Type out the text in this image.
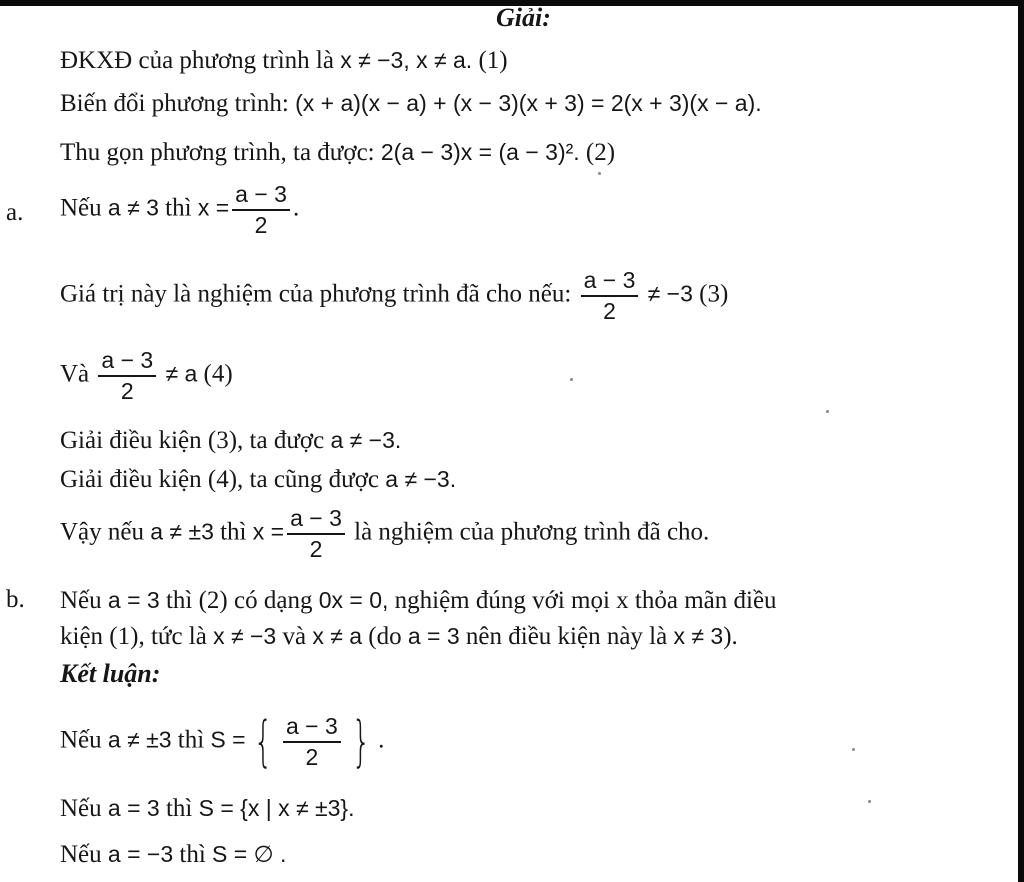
Giải:
ĐKXĐ của phương trình là x ≠ −3, x ≠ a. (1)
Biến đổi phương trình: (x + a)(x − a) + (x − 3)(x + 3) = 2(x + 3)(x − a).
Thu gọn phương trình, ta được: 2(a − 3)x = (a − 3)². (2)
a. Nếu a ≠ 3 thì $x = \frac{a - 3}{2}$ .
Giá trị này là nghiệm của phương trình đã cho nếu: $\frac{a - 3}{2} \ne -3$ (3)
Và $\frac{a - 3}{2} \ne a$ (4)
Giải điều kiện (3), ta được a ≠ −3.
Giải điều kiện (4), ta cũng được a ≠ −3.
Vậy nếu a ≠ ±3 thì $x = \frac{a - 3}{2}$ là nghiệm của phương trình đã cho.
b. Nếu a = 3 thì (2) có dạng 0x = 0, nghiệm đúng với mọi x thỏa mãn điều
kiện (1), tức là x ≠ −3 và x ≠ a (do a = 3 nên điều kiện này là x ≠ 3).
Kết luận:
Nếu a ≠ ±3 thì S = { $\frac{a - 3}{2}$ } .
Nếu a = 3 thì S = {x | x ≠ ±3}.
Nếu a = −3 thì S = ∅ .
